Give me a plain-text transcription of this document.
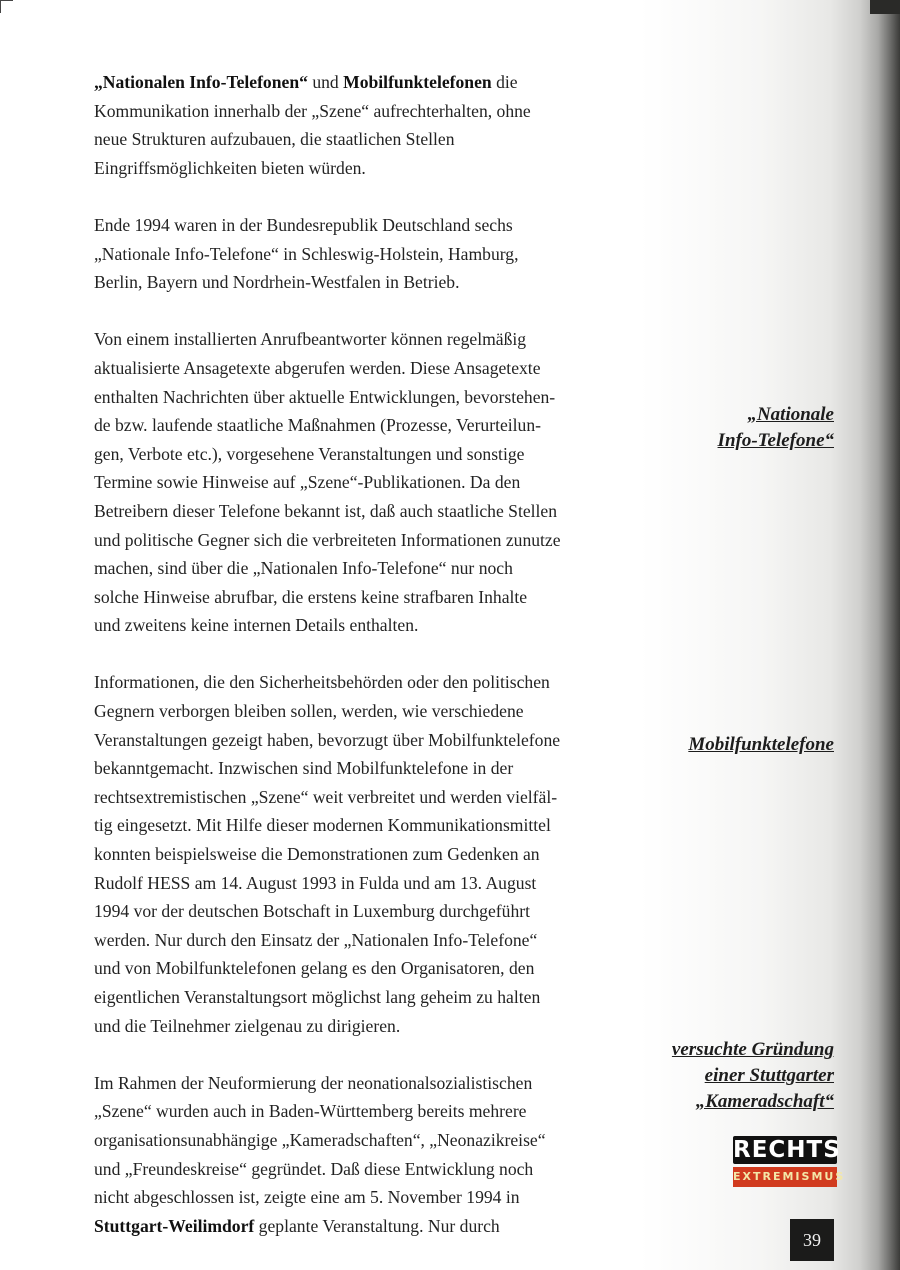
„Nationalen Info-Telefonen“ und Mobilfunktelefonen die
Kommunikation innerhalb der „Szene“ aufrechterhalten, ohne
neue Strukturen aufzubauen, die staatlichen Stellen
Eingriffsmöglichkeiten bieten würden.

Ende 1994 waren in der Bundesrepublik Deutschland sechs
„Nationale Info-Telefone“ in Schleswig-Holstein, Hamburg,
Berlin, Bayern und Nordrhein-Westfalen in Betrieb.

Von einem installierten Anrufbeantworter können regelmäßig
aktualisierte Ansagetexte abgerufen werden. Diese Ansagetexte
enthalten Nachrichten über aktuelle Entwicklungen, bevorstehen-
de bzw. laufende staatliche Maßnahmen (Prozesse, Verurteilun-
gen, Verbote etc.), vorgesehene Veranstaltungen und sonstige
Termine sowie Hinweise auf „Szene“-Publikationen. Da den
Betreibern dieser Telefone bekannt ist, daß auch staatliche Stellen
und politische Gegner sich die verbreiteten Informationen zunutze
machen, sind über die „Nationalen Info-Telefone“ nur noch
solche Hinweise abrufbar, die erstens keine strafbaren Inhalte
und zweitens keine internen Details enthalten.

Informationen, die den Sicherheitsbehörden oder den politischen
Gegnern verborgen bleiben sollen, werden, wie verschiedene
Veranstaltungen gezeigt haben, bevorzugt über Mobilfunktelefone
bekanntgemacht. Inzwischen sind Mobilfunktelefone in der
rechtsextremistischen „Szene“ weit verbreitet und werden vielfäl-
tig eingesetzt. Mit Hilfe dieser modernen Kommunikationsmittel
konnten beispielsweise die Demonstrationen zum Gedenken an
Rudolf HESS am 14. August 1993 in Fulda und am 13. August
1994 vor der deutschen Botschaft in Luxemburg durchgeführt
werden. Nur durch den Einsatz der „Nationalen Info-Telefone“
und von Mobilfunktelefonen gelang es den Organisatoren, den
eigentlichen Veranstaltungsort möglichst lang geheim zu halten
und die Teilnehmer zielgenau zu dirigieren.

Im Rahmen der Neuformierung der neonationalsozialistischen
„Szene“ wurden auch in Baden-Württemberg bereits mehrere
organisationsunabhängige „Kameradschaften“, „Neonazikreise“
und „Freundeskreise“ gegründet. Daß diese Entwicklung noch
nicht abgeschlossen ist, zeigte eine am 5. November 1994 in
Stuttgart-Weilimdorf geplante Veranstaltung. Nur durch

„Nationale
Info-Telefone“
Mobilfunktelefone
versuchte Gründung
einer Stuttgarter
„Kameradschaft“
RECHTS
EXTREMISMUS
39
